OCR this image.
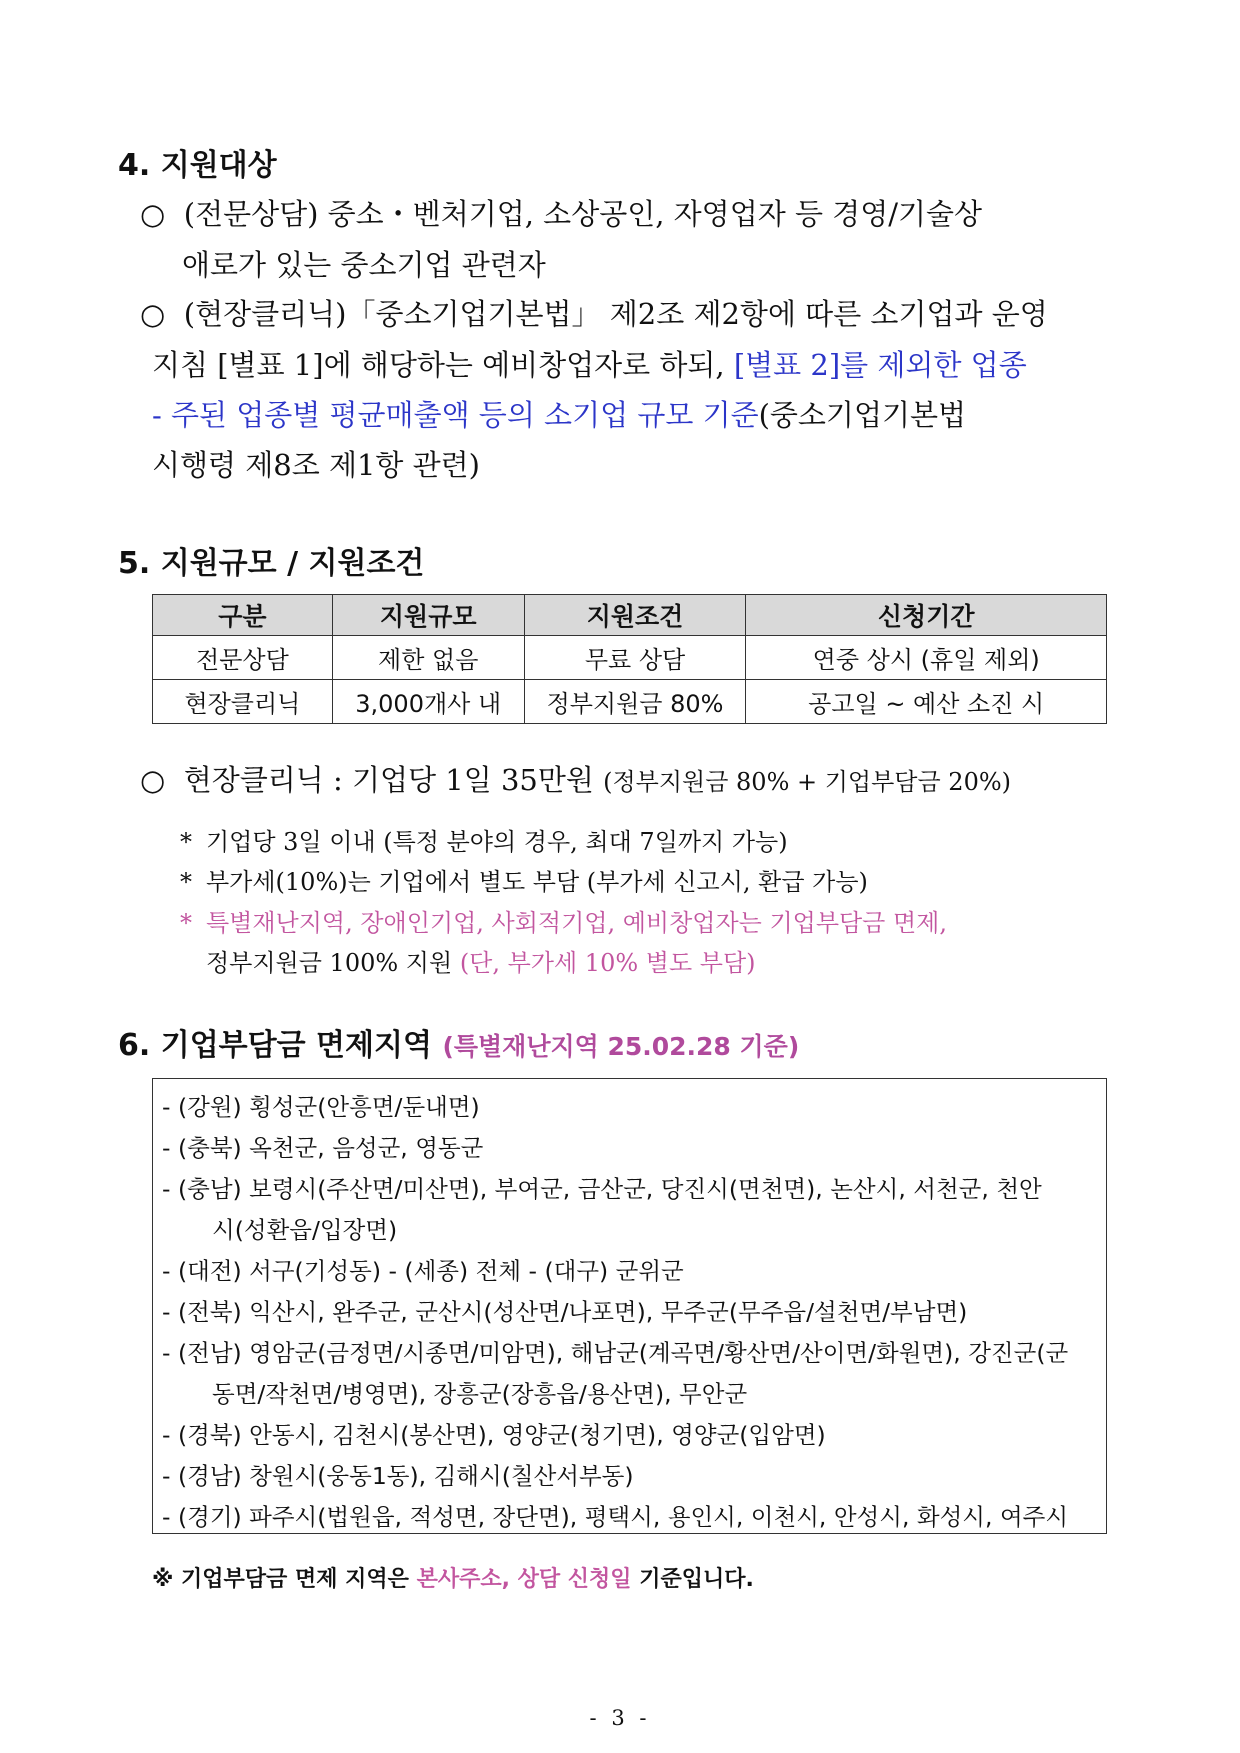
4. 지원대상

○ (전문상담) 중소・벤처기업, 소상공인, 자영업자 등 경영/기술상

애로가 있는 중소기업 관련자

○ (현장클리닉)「중소기업기본법」 제2조 제2항에 따른 소기업과 운영

지침 [별표 1]에 해당하는 예비창업자로 하되, [별표 2]를 제외한 업종

- 주된 업종별 평균매출액 등의 소기업 규모 기준(중소기업기본법

시행령 제8조 제1항 관련)

5. 지원규모 / 지원조건
구분	지원규모	지원조건	신청기간
전문상담	제한 없음	무료 상담	연중 상시 (휴일 제외)
현장클리닉	3,000개사 내	정부지원금 80%	공고일 ~ 예산 소진 시

○ 현장클리닉 : 기업당 1일 35만원 (정부지원금 80% + 기업부담금 20%)

* 기업당 3일 이내 (특정 분야의 경우, 최대 7일까지 가능)
* 부가세(10%)는 기업에서 별도 부담 (부가세 신고시, 환급 가능)
* 특별재난지역, 장애인기업, 사회적기업, 예비창업자는 기업부담금 면제,
정부지원금 100% 지원 (단, 부가세 10% 별도 부담)
6. 기업부담금 면제지역 (특별재난지역 25.02.28 기준)
- (강원) 횡성군(안흥면/둔내면)
- (충북) 옥천군, 음성군, 영동군
- (충남) 보령시(주산면/미산면), 부여군, 금산군, 당진시(면천면), 논산시, 서천군, 천안
시(성환읍/입장면)
- (대전) 서구(기성동) - (세종) 전체 - (대구) 군위군
- (전북) 익산시, 완주군, 군산시(성산면/나포면), 무주군(무주읍/설천면/부남면)
- (전남) 영암군(금정면/시종면/미암면), 해남군(계곡면/황산면/산이면/화원면), 강진군(군
동면/작천면/병영면), 장흥군(장흥읍/용산면), 무안군
- (경북) 안동시, 김천시(봉산면), 영양군(청기면), 영양군(입암면)
- (경남) 창원시(웅동1동), 김해시(칠산서부동)
- (경기) 파주시(법원읍, 적성면, 장단면), 평택시, 용인시, 이천시, 안성시, 화성시, 여주시
※ 기업부담금 면제 지역은 본사주소, 상담 신청일 기준입니다.
- 3 -
